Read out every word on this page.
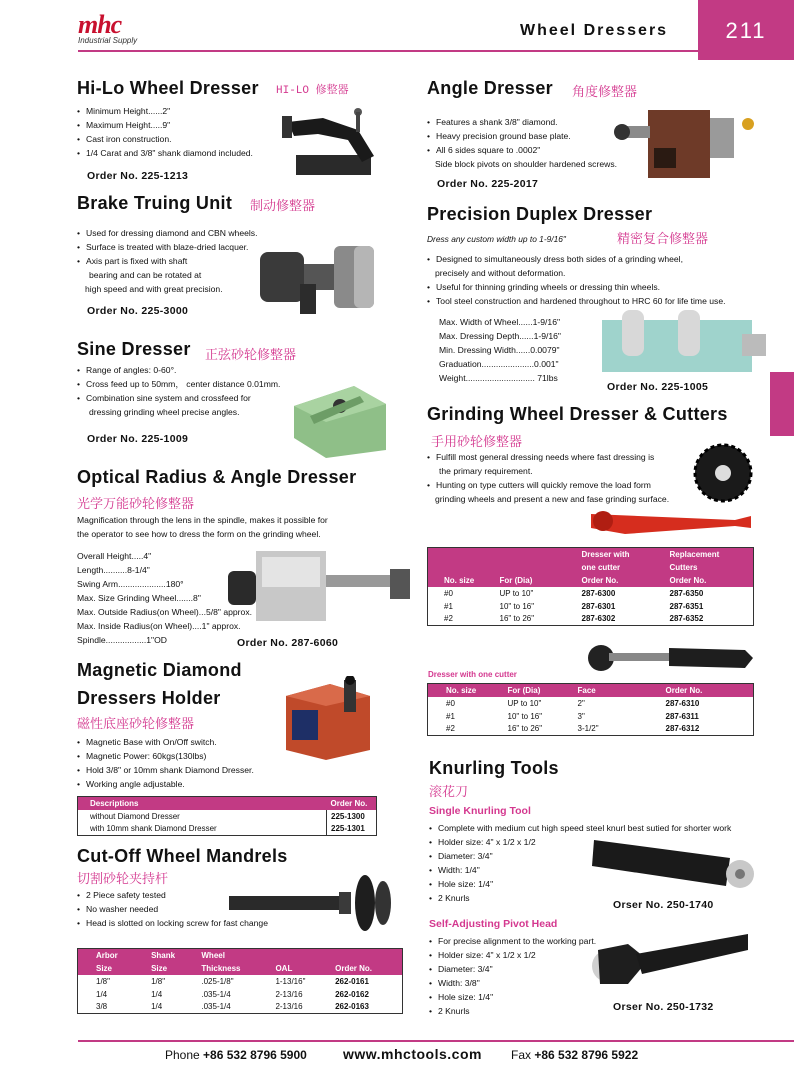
mhc
Industrial Supply
Wheel Dressers	211
Hi-Lo Wheel Dresser HI-LO 修整器
• Minimum Height......2"
• Maximum Height.....9"
• Cast iron construction.
• 1/4 Carat and 3/8" shank diamond included.
Order No. 225-1213
Brake Truing Unit 制动修整器
• Used for dressing diamond and CBN wheels.
• Surface is treated with blaze-dried lacquer.
• Axis part is fixed with shaft
bearing and can be rotated at
high speed and with great precision.
Order No. 225-3000
Sine Dresser 正弦砂轮修整器
• Range of angles: 0-60°.
• Cross feed up to 50mm， center distance 0.01mm.
• Combination sine system and crossfeed for
dressing grinding wheel precise angles.
Order No. 225-1009
Optical Radius & Angle Dresser
光学万能砂轮修整器
Magnification through the lens in the spindle, makes it possible for
the operator to see how to dress the form on the grinding wheel.
Overall Height.....4"
Length..........8-1/4"
Swing Arm....................180°
Max. Size Grinding Wheel.......8"
Max. Outside Radius(on Wheel)...5/8" approx.
Max. Inside Radius(on Wheel)....1" approx.
Spindle.................1"OD	Order No. 287-6060
Magnetic Diamond
Dressers Holder
磁性底座砂轮修整器
• Magnetic Base with On/Off switch.
• Magnetic Power: 60kgs(130lbs)
• Hold 3/8" or 10mm shank Diamond Dresser.
• Working angle adjustable.
Descriptions	Order No.
without Diamond Dresser	225-1300
with 10mm shank Diamond Dresser	225-1301
Cut-Off Wheel Mandrels
切割砂轮夹持杆
• 2 Piece safety tested
• No washer needed
• Head is slotted on locking screw for fast change
Arbor	Shank	Wheel		
Size	Size	Thickness	OAL	Order No.
1/8"	1/8"	.025-1/8"	1-13/16"	262-0161
1/4	1/4	.035-1/4	2-13/16	262-0162
3/8	1/4	.035-1/4	2-13/16	262-0163
Angle Dresser 角度修整器
• Features a shank 3/8" diamond.
• Heavy precision ground base plate.
• All 6 sides square to .0002"
Side block pivots on shoulder hardened screws.
Order No. 225-2017
Precision Duplex Dresser
Dress any custom width up to 1-9/16"	精密复合修整器
• Designed to simultaneously dress both sides of a grinding wheel,
precisely and without deformation.
• Useful for thinning grinding wheels or dressing thin wheels.
• Tool steel construction and hardened throughout to HRC 60 for life time use.
Max. Width of Wheel......1-9/16"
Max. Dressing Depth......1-9/16"
Min. Dressing Width......0.0079"
Graduation......................0.001"
Weight............................. 71lbs
Order No. 225-1005
Grinding Wheel Dresser & Cutters
手用砂轮修整器
• Fulfill most general dressing needs where fast dressing is
the primary requirement.
• Hunting on type cutters will quickly remove the load form
grinding wheels and present a new and fase grinding surface.
		Dresser with	Replacement
		one cutter	Cutters
No. size	For (Dia)	Order No.	Order No.
#0	UP to 10"	287-6300	287-6350
#1	10" to 16"	287-6301	287-6351
#2	16" to 26"	287-6302	287-6352
Dresser with one cutter
No. size	For (Dia)	Face	Order No.
#0	UP to 10"	2"	287-6310
#1	10" to 16"	3"	287-6311
#2	16" to 26"	3-1/2"	287-6312
Knurling Tools
滚花刀
Single Knurling Tool
• Complete with medium cut high speed steel knurl best sutied for shorter work
• Holder size: 4" x 1/2 x 1/2
• Diameter: 3/4"
• Width: 1/4"
• Hole size: 1/4"
• 2 Knurls
Orser No. 250-1740
Self-Adjusting Pivot Head
• For precise alignment to the working part.
• Holder size: 4" x 1/2 x 1/2
• Diameter: 3/4"
• Width: 3/8"
• Hole size: 1/4"
• 2 Knurls	Orser No. 250-1732
Phone +86 532 8796 5900	www.mhctools.com Fax +86 532 8796 5922
